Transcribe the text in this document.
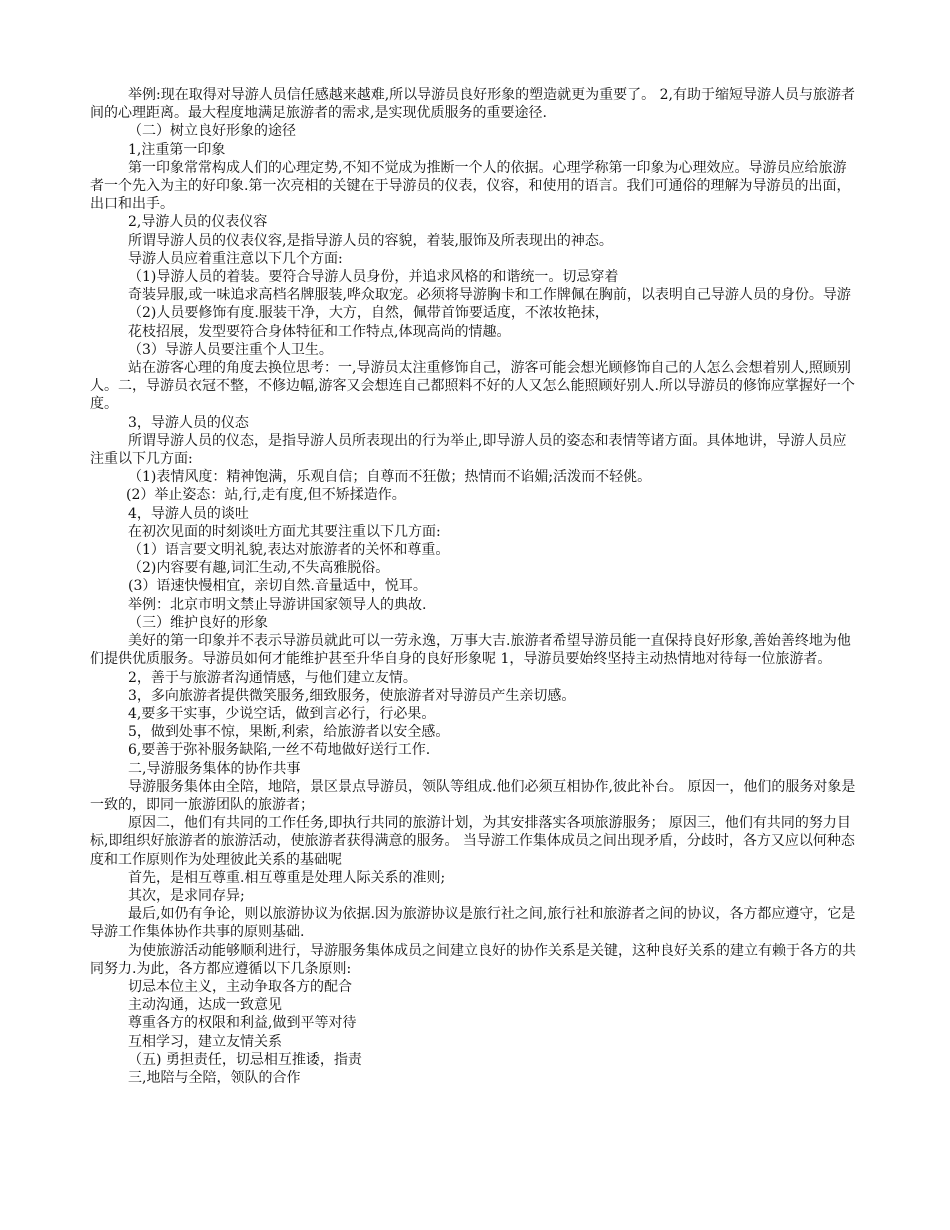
举例:现在取得对导游人员信任感越来越难,所以导游员良好形象的塑造就更为重要了。 2,有助于缩短导游人员与旅游者间的心理距离。最大程度地满足旅游者的需求,是实现优质服务的重要途径.

（二）树立良好形象的途径

1,注重第一印象

第一印象常常构成人们的心理定势,不知不觉成为推断一个人的依据。心理学称第一印象为心理效应。导游员应给旅游者一个先入为主的好印象.第一次亮相的关键在于导游员的仪表，仪容，和使用的语言。我们可通俗的理解为导游员的出面，出口和出手。

2,导游人员的仪表仪容

所谓导游人员的仪表仪容,是指导游人员的容貌，着装,服饰及所表现出的神态。

导游人员应着重注意以下几个方面:

（1)导游人员的着装。要符合导游人员身份，并追求风格的和谐统一。切忌穿着

奇装异服,或一味追求高档名牌服装,哗众取宠。必须将导游胸卡和工作牌佩在胸前，以表明自己导游人员的身份。导游

（2)人员要修饰有度.服装干净，大方，自然，佩带首饰要适度，不浓妆艳抹，

花枝招展，发型要符合身体特征和工作特点,体现高尚的情趣。

（3）导游人员要注重个人卫生。

站在游客心理的角度去换位思考：一,导游员太注重修饰自己，游客可能会想光顾修饰自己的人怎么会想着别人,照顾别人。二，导游员衣冠不整，不修边幅,游客又会想连自己都照料不好的人又怎么能照顾好别人.所以导游员的修饰应掌握好一个度。

3，导游人员的仪态

所谓导游人员的仪态，是指导游人员所表现出的行为举止,即导游人员的姿态和表情等诸方面。具体地讲，导游人员应注重以下几方面:

（1)表情风度：精神饱满，乐观自信；自尊而不狂傲；热情而不谄媚;活泼而不轻佻。

(2）举止姿态：站,行,走有度,但不矫揉造作。

4，导游人员的谈吐

在初次见面的时刻谈吐方面尤其要注重以下几方面:

（1）语言要文明礼貌,表达对旅游者的关怀和尊重。

（2)内容要有趣,词汇生动,不失高雅脱俗。

(3）语速快慢相宜，亲切自然.音量适中，悦耳。

举例：北京市明文禁止导游讲国家领导人的典故.

（三）维护良好的形象

美好的第一印象并不表示导游员就此可以一劳永逸，万事大吉.旅游者希望导游员能一直保持良好形象,善始善终地为他们提供优质服务。导游员如何才能维护甚至升华自身的良好形象呢 1，导游员要始终坚持主动热情地对待每一位旅游者。

2，善于与旅游者沟通情感，与他们建立友情。

3，多向旅游者提供微笑服务,细致服务，使旅游者对导游员产生亲切感。

4,要多干实事，少说空话，做到言必行，行必果。

5，做到处事不惊，果断,利索，给旅游者以安全感。

6,要善于弥补服务缺陷,一丝不苟地做好送行工作.

二,导游服务集体的协作共事

导游服务集体由全陪，地陪，景区景点导游员，领队等组成.他们必须互相协作,彼此补台。 原因一，他们的服务对象是一致的，即同一旅游团队的旅游者；

原因二，他们有共同的工作任务,即执行共同的旅游计划，为其安排落实各项旅游服务； 原因三，他们有共同的努力目标,即组织好旅游者的旅游活动，使旅游者获得满意的服务。 当导游工作集体成员之间出现矛盾，分歧时，各方又应以何种态度和工作原则作为处理彼此关系的基础呢

首先，是相互尊重.相互尊重是处理人际关系的准则;

其次，是求同存异;

最后,如仍有争论，则以旅游协议为依据.因为旅游协议是旅行社之间,旅行社和旅游者之间的协议，各方都应遵守，它是导游工作集体协作共事的原则基础.

为使旅游活动能够顺利进行，导游服务集体成员之间建立良好的协作关系是关键，这种良好关系的建立有赖于各方的共同努力.为此，各方都应遵循以下几条原则:

切忌本位主义，主动争取各方的配合

主动沟通，达成一致意见

尊重各方的权限和利益,做到平等对待

互相学习，建立友情关系

（五) 勇担责任，切忌相互推诿，指责

三,地陪与全陪，领队的合作
